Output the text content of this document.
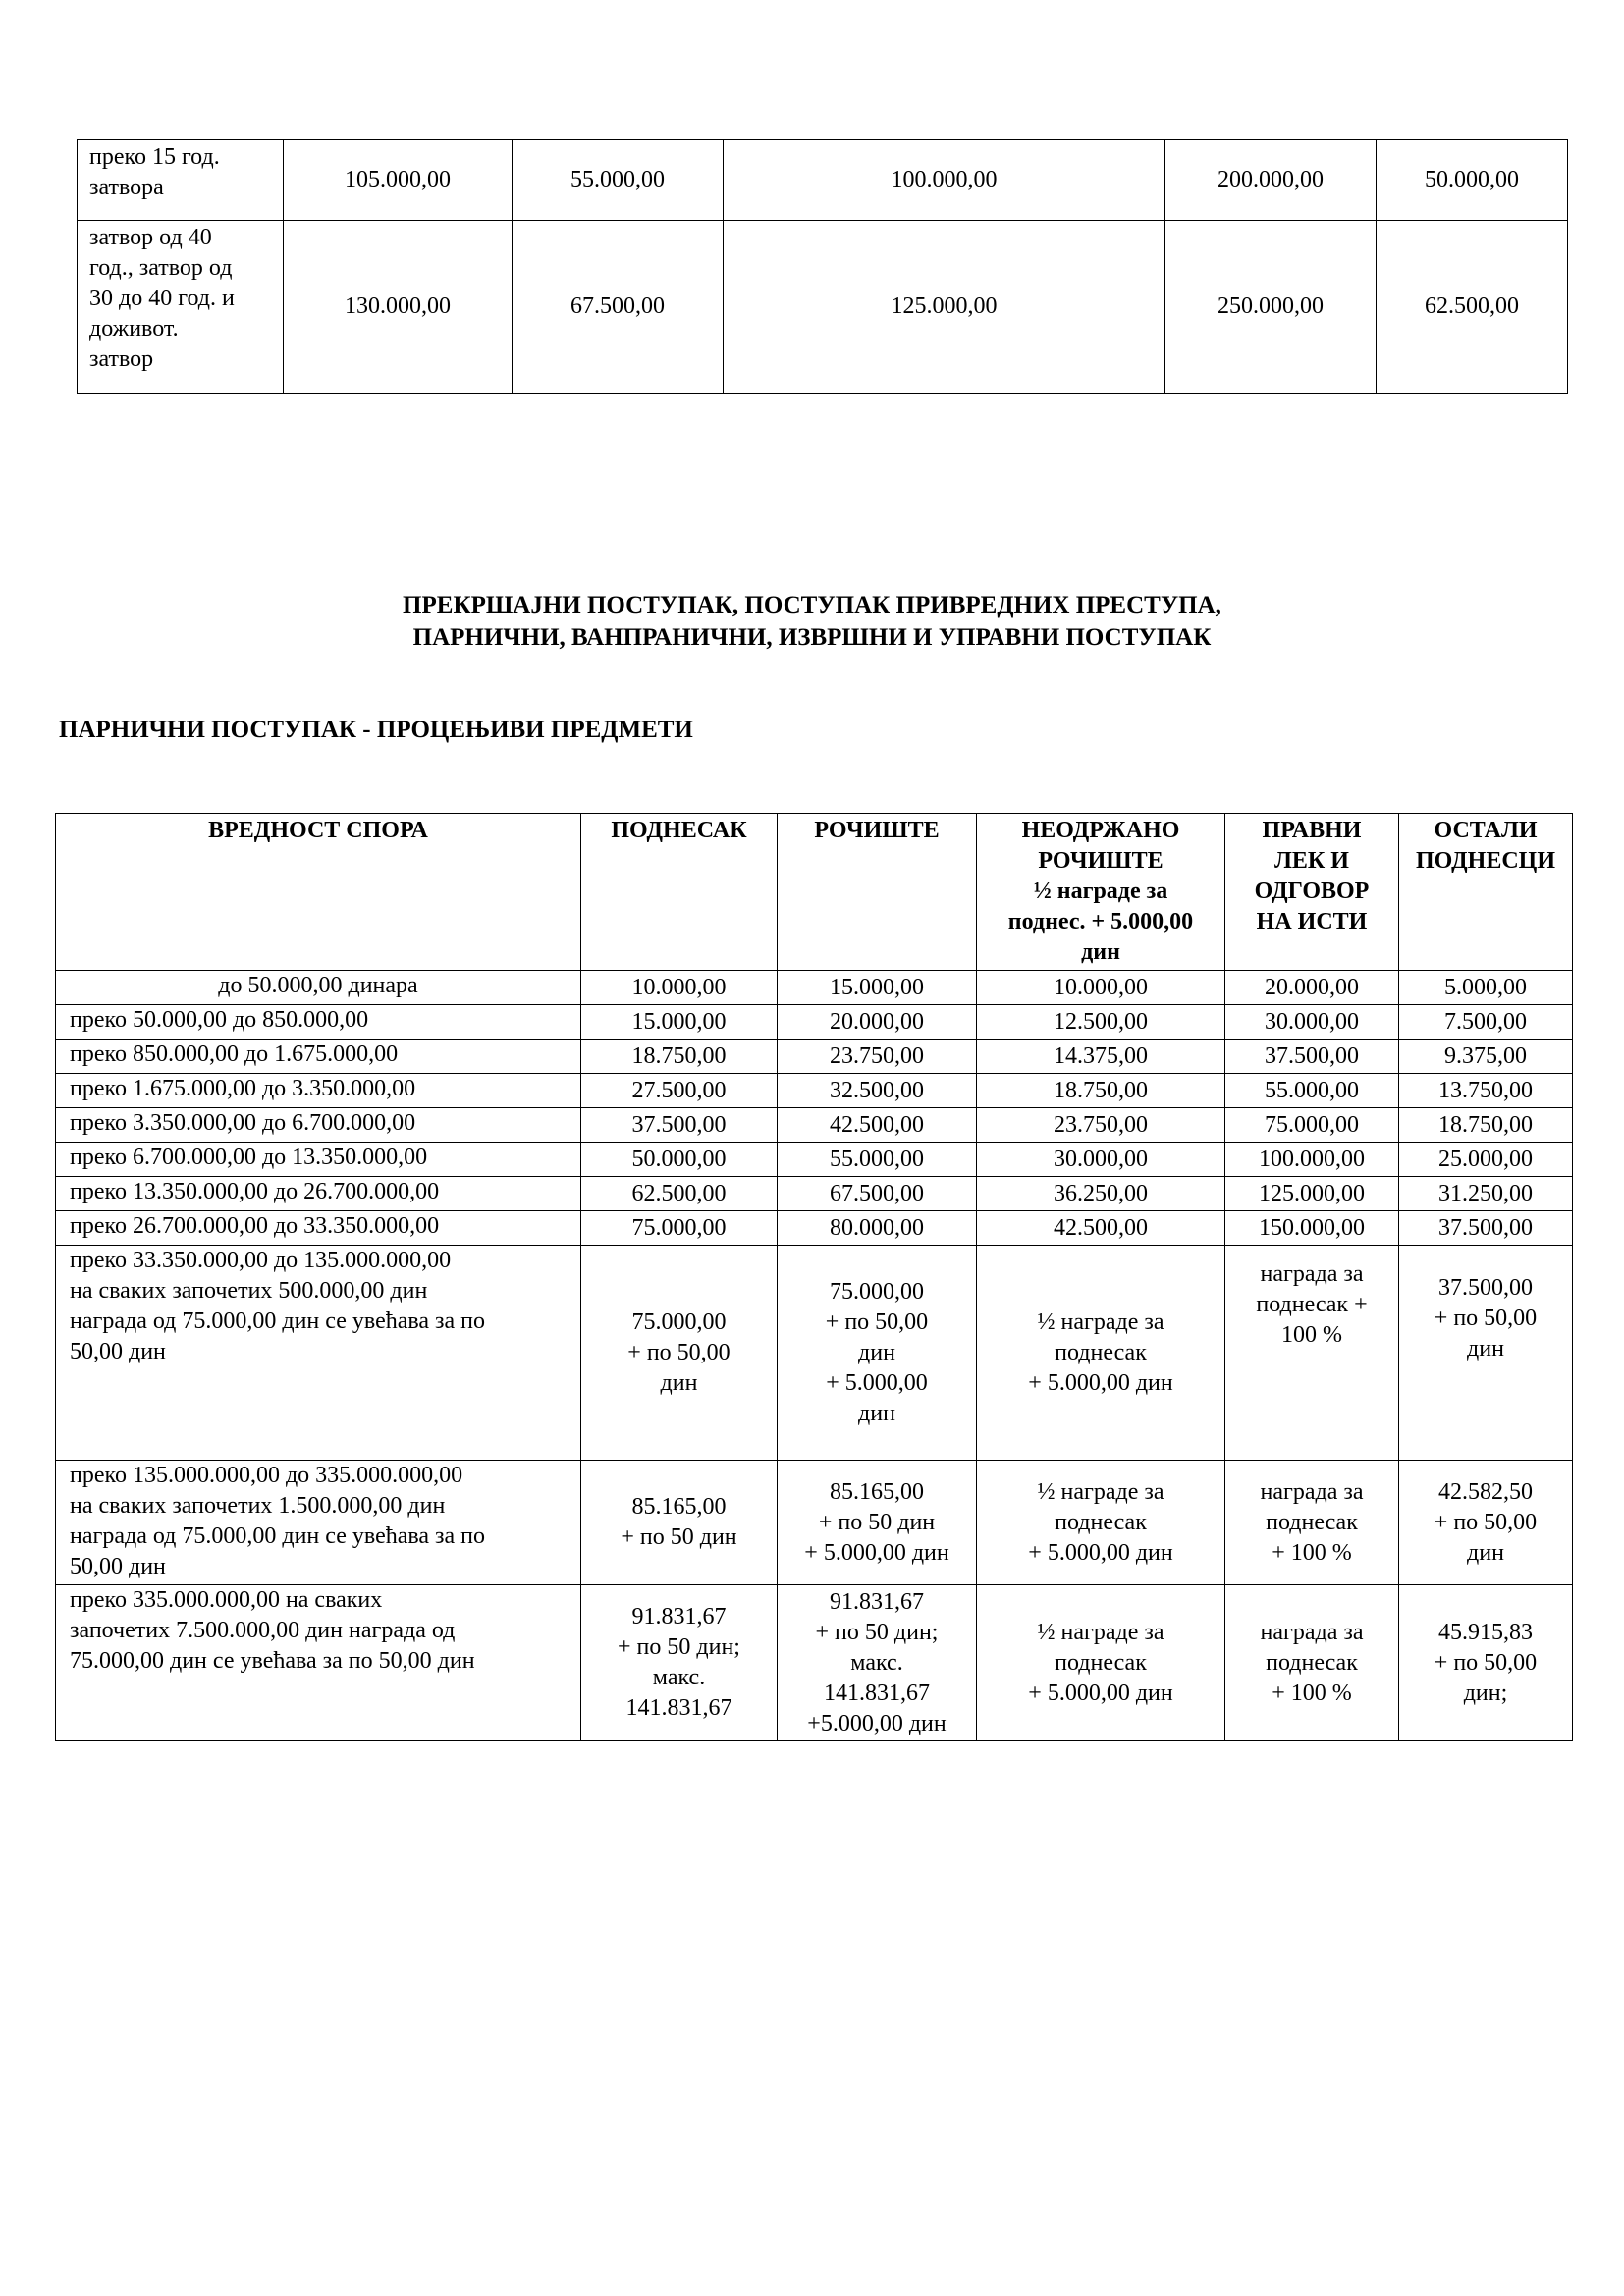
преко 15 год.
затвора	105.000,00	55.000,00	100.000,00	200.000,00	50.000,00
затвор од 40
год., затвор од
30 до 40 год. и
доживот.
затвор	130.000,00	67.500,00	125.000,00	250.000,00	62.500,00
ПРЕКРШАЈНИ ПОСТУПАК, ПОСТУПАК ПРИВРЕДНИХ ПРЕСТУПА,
ПАРНИЧНИ, ВАНПРАНИЧНИ, ИЗВРШНИ И УПРАВНИ ПОСТУПАК
ПАРНИЧНИ ПОСТУПАК - ПРОЦЕЊИВИ ПРЕДМЕТИ
ВРЕДНОСТ СПОРА	ПОДНЕСАК	РОЧИШТЕ	НЕОДРЖАНО
РОЧИШТЕ
½ награде за
поднес. + 5.000,00
дин	ПРАВНИ
ЛЕК И
ОДГОВОР
НА ИСТИ	ОСТАЛИ
ПОДНЕСЦИ
до 50.000,00 динара	10.000,00	15.000,00	10.000,00	20.000,00	5.000,00
преко 50.000,00 до 850.000,00	15.000,00	20.000,00	12.500,00	30.000,00	7.500,00
преко 850.000,00 до 1.675.000,00	18.750,00	23.750,00	14.375,00	37.500,00	9.375,00
преко 1.675.000,00 до 3.350.000,00	27.500,00	32.500,00	18.750,00	55.000,00	13.750,00
преко 3.350.000,00 до 6.700.000,00	37.500,00	42.500,00	23.750,00	75.000,00	18.750,00
преко 6.700.000,00 до 13.350.000,00	50.000,00	55.000,00	30.000,00	100.000,00	25.000,00
преко 13.350.000,00 до 26.700.000,00	62.500,00	67.500,00	36.250,00	125.000,00	31.250,00
преко 26.700.000,00 до 33.350.000,00	75.000,00	80.000,00	42.500,00	150.000,00	37.500,00
преко 33.350.000,00 до 135.000.000,00
на сваких започетих 500.000,00 дин
награда од 75.000,00 дин се увећава за по
50,00 дин	75.000,00
+ по 50,00
дин	75.000,00
+ по 50,00
дин
+ 5.000,00
дин	½ награде за
поднесак
+ 5.000,00 дин	награда за
поднесак +
100 %	37.500,00
+ по 50,00
дин
преко 135.000.000,00 до 335.000.000,00
на сваких започетих 1.500.000,00 дин
награда од 75.000,00 дин се увећава за по
50,00 дин	85.165,00
+ по 50 дин	85.165,00
+ по 50 дин
+ 5.000,00 дин	½ награде за
поднесак
+ 5.000,00 дин	награда за
поднесак
+ 100 %	42.582,50
+ по 50,00
дин
преко 335.000.000,00 на сваких
започетих 7.500.000,00 дин награда од
75.000,00 дин се увећава за по 50,00 дин	91.831,67
+ по 50 дин;
макс.
141.831,67	91.831,67
+ по 50 дин;
макс.
141.831,67
+5.000,00 дин	½ награде за
поднесак
+ 5.000,00 дин	награда за
поднесак
+ 100 %	45.915,83
+ по 50,00
дин;
